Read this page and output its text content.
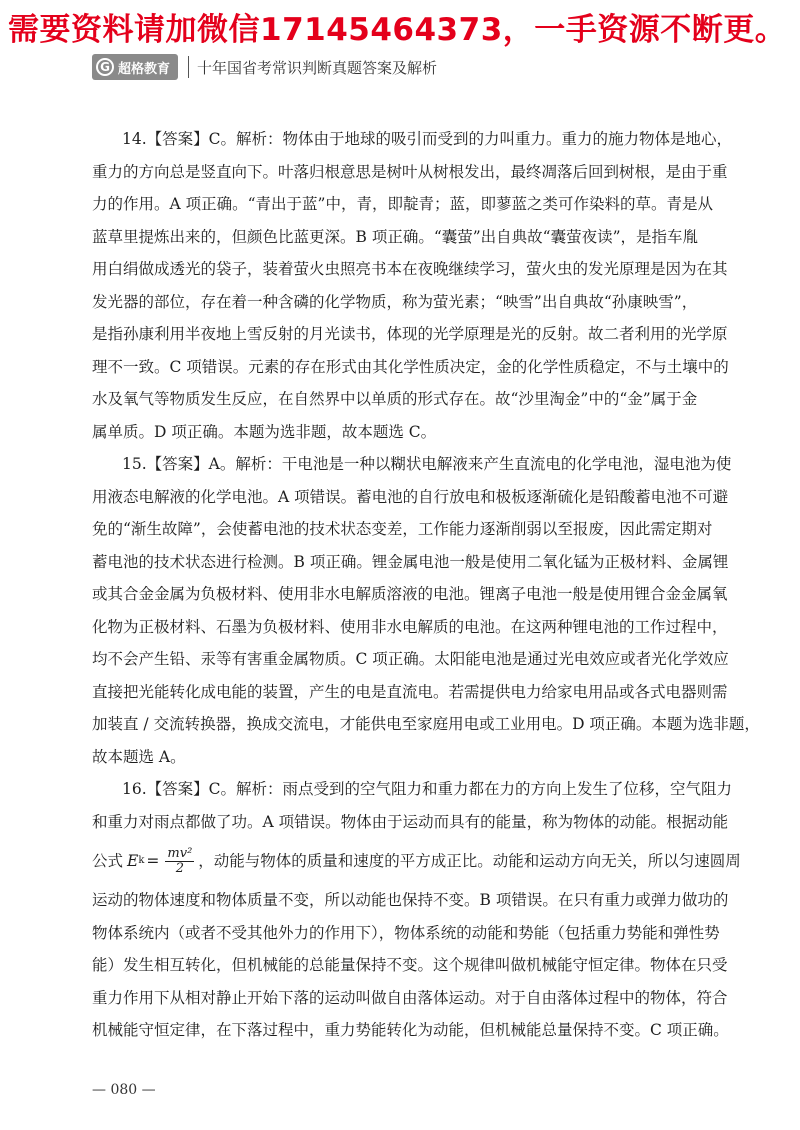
需要资料请加微信17145464373，一手资源不断更。
G 超格教育 十年国省考常识判断真题答案及解析
14.【答案】C。解析：物体由于地球的吸引而受到的力叫重力。重力的施力物体是地心，
重力的方向总是竖直向下。叶落归根意思是树叶从树根发出，最终凋落后回到树根，是由于重
力的作用。A 项正确。“青出于蓝”中，青，即靛青；蓝，即蓼蓝之类可作染料的草。青是从
蓝草里提炼出来的，但颜色比蓝更深。B 项正确。“囊萤”出自典故“囊萤夜读”，是指车胤
用白绢做成透光的袋子，装着萤火虫照亮书本在夜晚继续学习，萤火虫的发光原理是因为在其
发光器的部位，存在着一种含磷的化学物质，称为萤光素；“映雪”出自典故“孙康映雪”，
是指孙康利用半夜地上雪反射的月光读书，体现的光学原理是光的反射。故二者利用的光学原
理不一致。C 项错误。元素的存在形式由其化学性质决定，金的化学性质稳定，不与土壤中的
水及氧气等物质发生反应，在自然界中以单质的形式存在。故“沙里淘金”中的“金”属于金
属单质。D 项正确。本题为选非题，故本题选 C。
15.【答案】A。解析：干电池是一种以糊状电解液来产生直流电的化学电池，湿电池为使
用液态电解液的化学电池。A 项错误。蓄电池的自行放电和极板逐渐硫化是铅酸蓄电池不可避
免的“渐生故障”，会使蓄电池的技术状态变差，工作能力逐渐削弱以至报废，因此需定期对
蓄电池的技术状态进行检测。B 项正确。锂金属电池一般是使用二氧化锰为正极材料、金属锂
或其合金金属为负极材料、使用非水电解质溶液的电池。锂离子电池一般是使用锂合金金属氧
化物为正极材料、石墨为负极材料、使用非水电解质的电池。在这两种锂电池的工作过程中，
均不会产生铅、汞等有害重金属物质。C 项正确。太阳能电池是通过光电效应或者光化学效应
直接把光能转化成电能的装置，产生的电是直流电。若需提供电力给家电用品或各式电器则需
加装直 / 交流转换器，换成交流电，才能供电至家庭用电或工业用电。D 项正确。本题为选非题，
故本题选 A。
16.【答案】C。解析：雨点受到的空气阻力和重力都在力的方向上发生了位移，空气阻力
和重力对雨点都做了功。A 项错误。物体由于运动而具有的能量，称为物体的动能。根据动能
公式 E $k = \frac{\text{mv²}}{2}$ ，动能与物体的质量和速度的平方成正比。动能和运动方向无关，所以匀速圆周
运动的物体速度和物体质量不变，所以动能也保持不变。B 项错误。在只有重力或弹力做功的
物体系统内（或者不受其他外力的作用下），物体系统的动能和势能（包括重力势能和弹性势
能）发生相互转化，但机械能的总能量保持不变。这个规律叫做机械能守恒定律。物体在只受
重力作用下从相对静止开始下落的运动叫做自由落体运动。对于自由落体过程中的物体，符合
机械能守恒定律，在下落过程中，重力势能转化为动能，但机械能总量保持不变。C 项正确。
— 080 —
